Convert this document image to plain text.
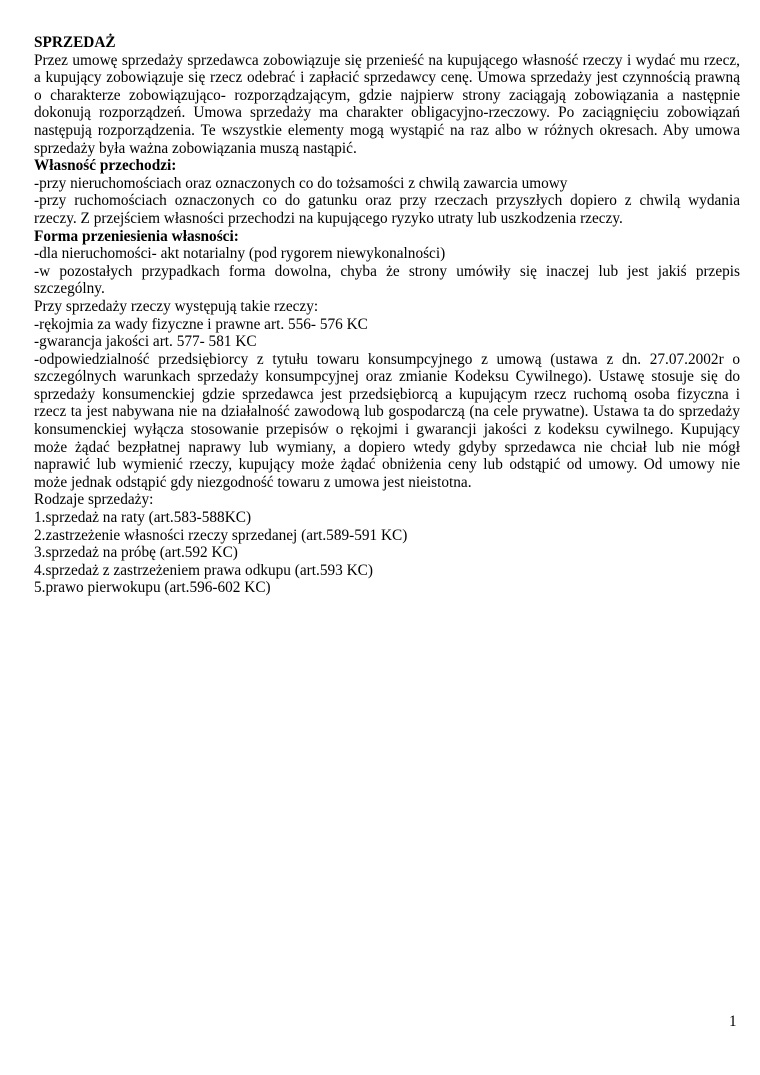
SPRZEDAŻ
Przez umowę sprzedaży sprzedawca zobowiązuje się przenieść na kupującego własność rzeczy i wydać mu rzecz,
a kupujący zobowiązuje się rzecz odebrać i zapłacić sprzedawcy cenę. Umowa sprzedaży jest czynnością prawną
o charakterze zobowiązująco- rozporządzającym, gdzie najpierw strony zaciągają zobowiązania a następnie
dokonują rozporządzeń. Umowa sprzedaży ma charakter obligacyjno-rzeczowy. Po zaciągnięciu zobowiązań
następują rozporządzenia. Te wszystkie elementy mogą wystąpić na raz albo w różnych okresach. Aby umowa
sprzedaży była ważna zobowiązania muszą nastąpić.
Własność przechodzi:
-przy nieruchomościach oraz oznaczonych co do tożsamości z chwilą zawarcia umowy
-przy ruchomościach oznaczonych co do gatunku oraz przy rzeczach przyszłych dopiero z chwilą wydania
rzeczy. Z przejściem własności przechodzi na kupującego ryzyko utraty lub uszkodzenia rzeczy.
Forma przeniesienia własności:
-dla nieruchomości- akt notarialny (pod rygorem niewykonalności)
-w pozostałych przypadkach forma dowolna, chyba że strony umówiły się inaczej lub jest jakiś przepis
szczególny.
Przy sprzedaży rzeczy występują takie rzeczy:
-rękojmia za wady fizyczne i prawne art. 556- 576 KC
-gwarancja jakości art. 577- 581 KC
-odpowiedzialność przedsiębiorcy z tytułu towaru konsumpcyjnego z umową (ustawa z dn. 27.07.2002r o
szczególnych warunkach sprzedaży konsumpcyjnej oraz zmianie Kodeksu Cywilnego). Ustawę stosuje się do
sprzedaży konsumenckiej gdzie sprzedawca jest przedsiębiorcą a kupującym rzecz ruchomą osoba fizyczna i
rzecz ta jest nabywana nie na działalność zawodową lub gospodarczą (na cele prywatne). Ustawa ta do sprzedaży
konsumenckiej wyłącza stosowanie przepisów o rękojmi i gwarancji jakości z kodeksu cywilnego. Kupujący
może żądać bezpłatnej naprawy lub wymiany, a dopiero wtedy gdyby sprzedawca nie chciał lub nie mógł
naprawić lub wymienić rzeczy, kupujący może żądać obniżenia ceny lub odstąpić od umowy. Od umowy nie
może jednak odstąpić gdy niezgodność towaru z umowa jest nieistotna.
Rodzaje sprzedaży:
1.sprzedaż na raty (art.583-588KC)
2.zastrzeżenie własności rzeczy sprzedanej (art.589-591 KC)
3.sprzedaż na próbę (art.592 KC)
4.sprzedaż z zastrzeżeniem prawa odkupu (art.593 KC)
5.prawo pierwokupu (art.596-602 KC)
1
